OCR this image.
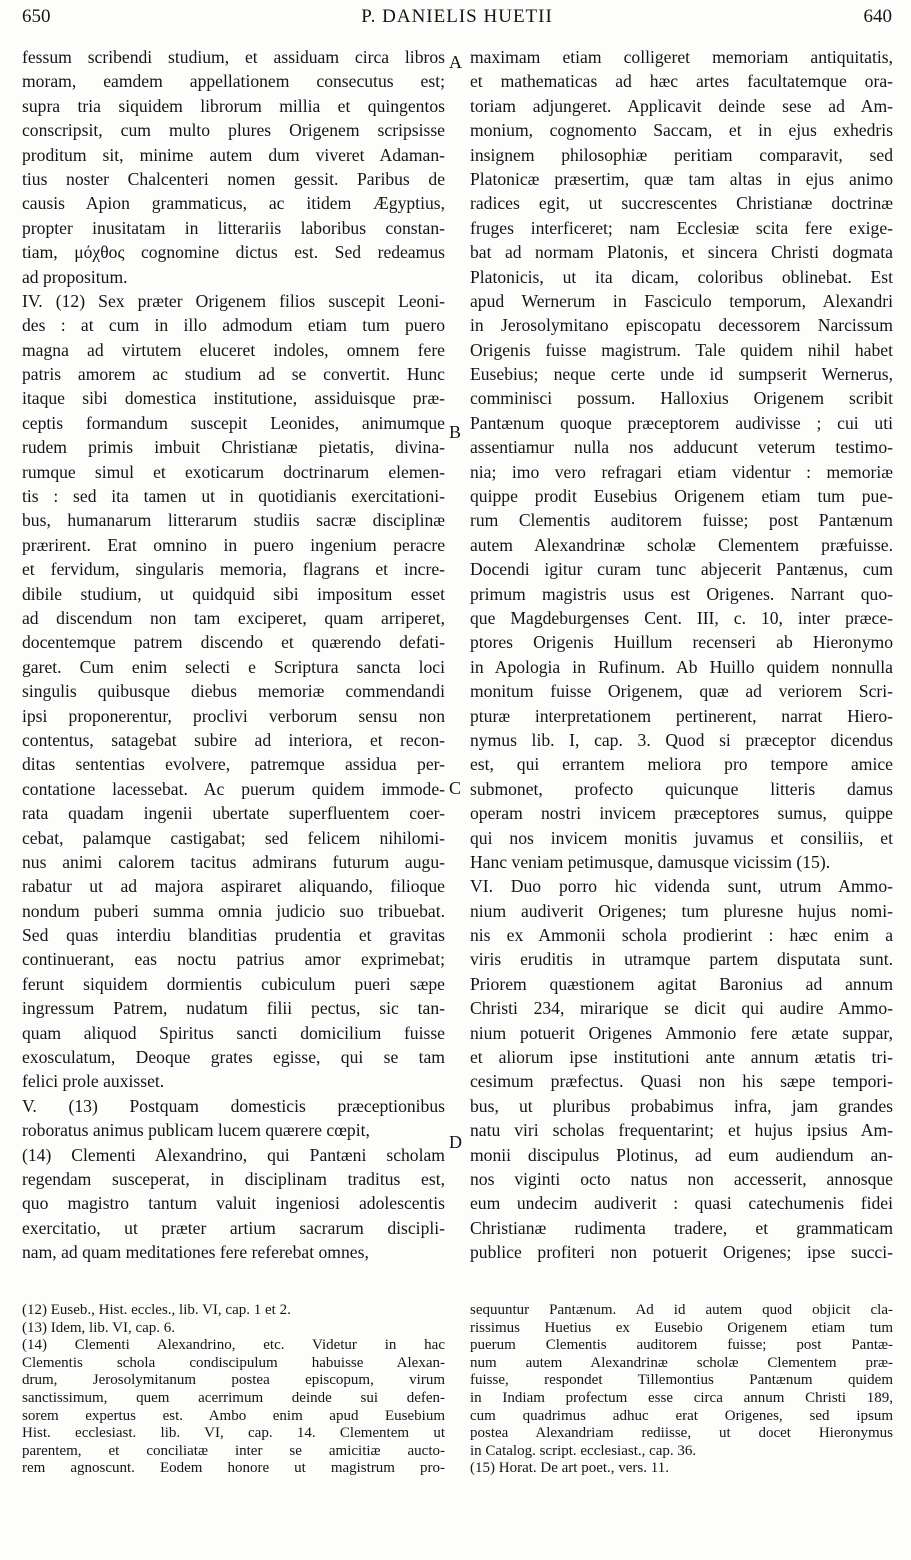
650	P. DANIELIS HUETII	640
fessum scribendi studium, et assiduam circa libros
moram, eamdem appellationem consecutus est;
supra tria siquidem librorum millia et quingentos
conscripsit, cum multo plures Origenem scripsisse
proditum sit, minime autem dum viveret Adaman-
tius noster Chalcenteri nomen gessit. Paribus de
causis Apion grammaticus, ac itidem Ægyptius,
propter inusitatam in litterariis laboribus constan-
tiam, μόχθος cognomine dictus est. Sed redeamus
ad propositum.
IV. (12) Sex præter Origenem filios suscepit Leoni-
des : at cum in illo admodum etiam tum puero
magna ad virtutem eluceret indoles, omnem fere
patris amorem ac studium ad se convertit. Hunc
itaque sibi domestica institutione, assiduisque præ-
ceptis formandum suscepit Leonides, animumque
rudem primis imbuit Christianæ pietatis, divina-
rumque simul et exoticarum doctrinarum elemen-
tis : sed ita tamen ut in quotidianis exercitationi-
bus, humanarum litterarum studiis sacræ disciplinæ
prærirent. Erat omnino in puero ingenium peracre
et fervidum, singularis memoria, flagrans et incre-
dibile studium, ut quidquid sibi impositum esset
ad discendum non tam exciperet, quam arriperet,
docentemque patrem discendo et quærendo defati-
garet. Cum enim selecti e Scriptura sancta loci
singulis quibusque diebus memoriæ commendandi
ipsi proponerentur, proclivi verborum sensu non
contentus, satagebat subire ad interiora, et recon-
ditas sententias evolvere, patremque assidua per-
contatione lacessebat. Ac puerum quidem immode-
rata quadam ingenii ubertate superfluentem coer-
cebat, palamque castigabat; sed felicem nihilomi-
nus animi calorem tacitus admirans futurum augu-
rabatur ut ad majora aspiraret aliquando, filioque
nondum puberi summa omnia judicio suo tribuebat.
Sed quas interdiu blanditias prudentia et gravitas
continuerant, eas noctu patrius amor exprimebat;
ferunt siquidem dormientis cubiculum pueri sæpe
ingressum Patrem, nudatum filii pectus, sic tan-
quam aliquod Spiritus sancti domicilium fuisse
exosculatum, Deoque grates egisse, qui se tam
felici prole auxisset.
V. (13) Postquam domesticis præceptionibus
roboratus animus publicam lucem quærere cœpit,
(14) Clementi Alexandrino, qui Pantæni scholam
regendam susceperat, in disciplinam traditus est,
quo magistro tantum valuit ingeniosi adolescentis
exercitatio, ut præter artium sacrarum discipli-
nam, ad quam meditationes fere referebat omnes,
maximam etiam colligeret memoriam antiquitatis,
et mathematicas ad hæc artes facultatemque ora-
toriam adjungeret. Applicavit deinde sese ad Am-
monium, cognomento Saccam, et in ejus exhedris
insignem philosophiæ peritiam comparavit, sed
Platonicæ præsertim, quæ tam altas in ejus animo
radices egit, ut succrescentes Christianæ doctrinæ
fruges interficeret; nam Ecclesiæ scita fere exige-
bat ad normam Platonis, et sincera Christi dogmata
Platonicis, ut ita dicam, coloribus oblinebat. Est
apud Wernerum in Fasciculo temporum, Alexandri
in Jerosolymitano episcopatu decessorem Narcissum
Origenis fuisse magistrum. Tale quidem nihil habet
Eusebius; neque certe unde id sumpserit Wernerus,
comminisci possum. Halloxius Origenem scribit
Pantænum quoque præceptorem audivisse ; cui uti
assentiamur nulla nos adducunt veterum testimo-
nia; imo vero refragari etiam videntur : memoriæ
quippe prodit Eusebius Origenem etiam tum pue-
rum Clementis auditorem fuisse; post Pantænum
autem Alexandrinæ scholæ Clementem præfuisse.
Docendi igitur curam tunc abjecerit Pantænus, cum
primum magistris usus est Origenes. Narrant quo-
que Magdeburgenses Cent. III, c. 10, inter præce-
ptores Origenis Huillum recenseri ab Hieronymo
in Apologia in Rufinum. Ab Huillo quidem nonnulla
monitum fuisse Origenem, quæ ad veriorem Scri-
pturæ interpretationem pertinerent, narrat Hiero-
nymus lib. I, cap. 3. Quod si præceptor dicendus
est, qui errantem meliora pro tempore amice
submonet, profecto quicunque litteris damus
operam nostri invicem præceptores sumus, quippe
qui nos invicem monitis juvamus et consiliis, et
Hanc veniam petimusque, damusque vicissim (15).
VI. Duo porro hic videnda sunt, utrum Ammo-
nium audiverit Origenes; tum pluresne hujus nomi-
nis ex Ammonii schola prodierint : hæc enim a
viris eruditis in utramque partem disputata sunt.
Priorem quæstionem agitat Baronius ad annum
Christi 234, mirarique se dicit qui audire Ammo-
nium potuerit Origenes Ammonio fere ætate suppar,
et aliorum ipse institutioni ante annum ætatis tri-
cesimum præfectus. Quasi non his sæpe tempori-
bus, ut pluribus probabimus infra, jam grandes
natu viri scholas frequentarint; et hujus ipsius Am-
monii discipulus Plotinus, ad eum audiendum an-
nos viginti octo natus non accesserit, annosque
eum undecim audiverit : quasi catechumenis fidei
Christianæ rudimenta tradere, et grammaticam
publice profiteri non potuerit Origenes; ipse succi-
A
B
C
D
(12) Euseb., Hist. eccles., lib. VI, cap. 1 et 2.
(13) Idem, lib. VI, cap. 6.
(14) Clementi Alexandrino, etc. Videtur in hac
Clementis schola condiscipulum habuisse Alexan-
drum, Jerosolymitanum postea episcopum, virum
sanctissimum, quem acerrimum deinde sui defen-
sorem expertus est. Ambo enim apud Eusebium
Hist. ecclesiast. lib. VI, cap. 14. Clementem ut
parentem, et conciliatæ inter se amicitiæ aucto-
rem agnoscunt. Eodem honore ut magistrum pro-
sequuntur Pantænum. Ad id autem quod objicit cla-
rissimus Huetius ex Eusebio Origenem etiam tum
puerum Clementis auditorem fuisse; post Pantæ-
num autem Alexandrinæ scholæ Clementem præ-
fuisse, respondet Tillemontius Pantænum quidem
in Indiam profectum esse circa annum Christi 189,
cum quadrimus adhuc erat Origenes, sed ipsum
postea Alexandriam rediisse, ut docet Hieronymus
in Catalog. script. ecclesiast., cap. 36.
(15) Horat. De art poet., vers. 11.
